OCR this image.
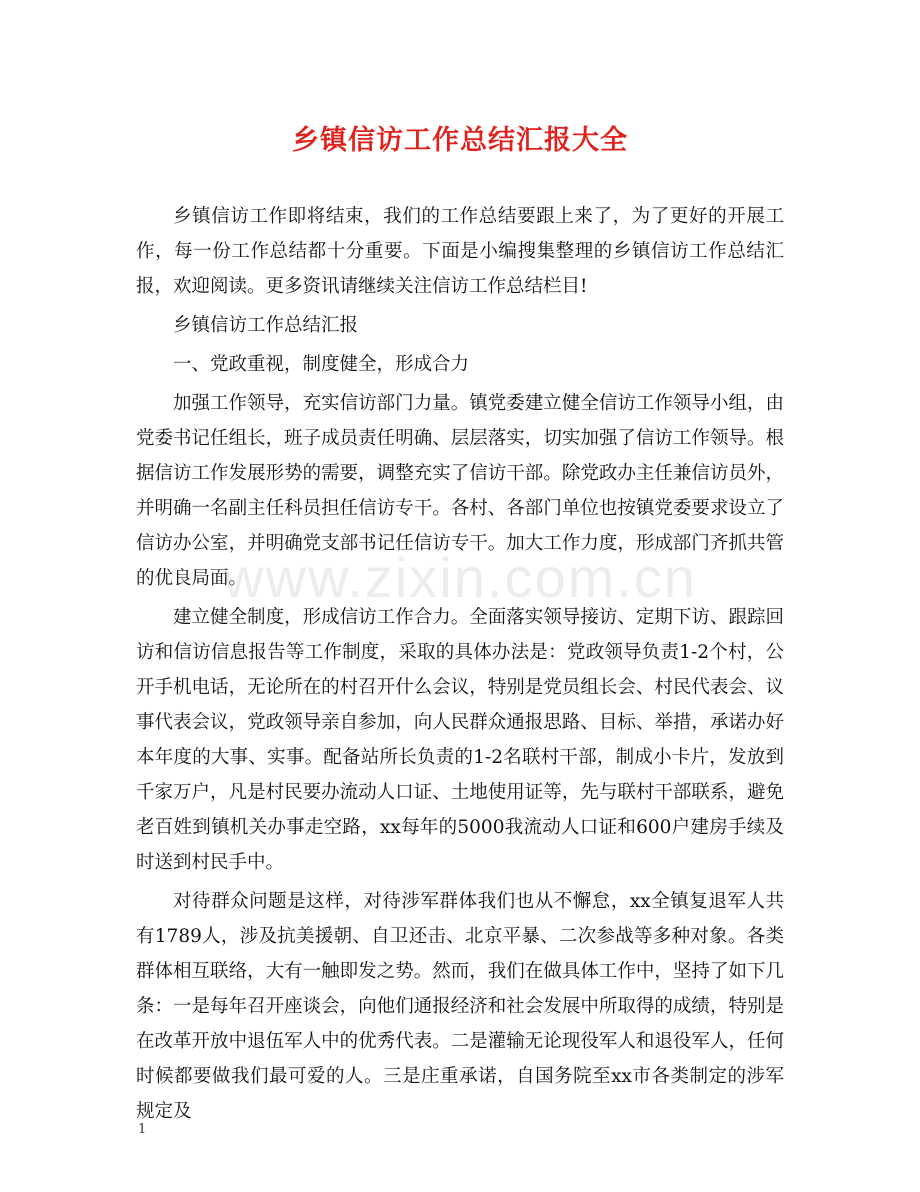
乡镇信访工作总结汇报大全

乡镇信访工作即将结束，我们的工作总结要跟上来了，为了更好的开展工作，每一份工作总结都十分重要。下面是小编搜集整理的乡镇信访工作总结汇报，欢迎阅读。更多资讯请继续关注信访工作总结栏目!

乡镇信访工作总结汇报

一、党政重视，制度健全，形成合力

加强工作领导，充实信访部门力量。镇党委建立健全信访工作领导小组，由党委书记任组长，班子成员责任明确、层层落实，切实加强了信访工作领导。根据信访工作发展形势的需要，调整充实了信访干部。除党政办主任兼信访员外，并明确一名副主任科员担任信访专干。各村、各部门单位也按镇党委要求设立了信访办公室，并明确党支部书记任信访专干。加大工作力度，形成部门齐抓共管的优良局面。

建立健全制度，形成信访工作合力。全面落实领导接访、定期下访、跟踪回访和信访信息报告等工作制度，采取的具体办法是：党政领导负责1-2个村，公开手机电话，无论所在的村召开什么会议，特别是党员组长会、村民代表会、议事代表会议，党政领导亲自参加，向人民群众通报思路、目标、举措，承诺办好本年度的大事、实事。配备站所长负责的1-2名联村干部，制成小卡片，发放到千家万户，凡是村民要办流动人口证、土地使用证等，先与联村干部联系，避免老百姓到镇机关办事走空路，xx每年的5000我流动人口证和600户建房手续及时送到村民手中。

对待群众问题是这样，对待涉军群体我们也从不懈怠，xx全镇复退军人共有1789人，涉及抗美援朝、自卫还击、北京平暴、二次参战等多种对象。各类群体相互联络，大有一触即发之势。然而，我们在做具体工作中，坚持了如下几条：一是每年召开座谈会，向他们通报经济和社会发展中所取得的成绩，特别是在改革开放中退伍军人中的优秀代表。二是灌输无论现役军人和退役军人，任何时候都要做我们最可爱的人。三是庄重承诺，自国务院至xx市各类制定的涉军规定及

www.zixin.com.cn
1
